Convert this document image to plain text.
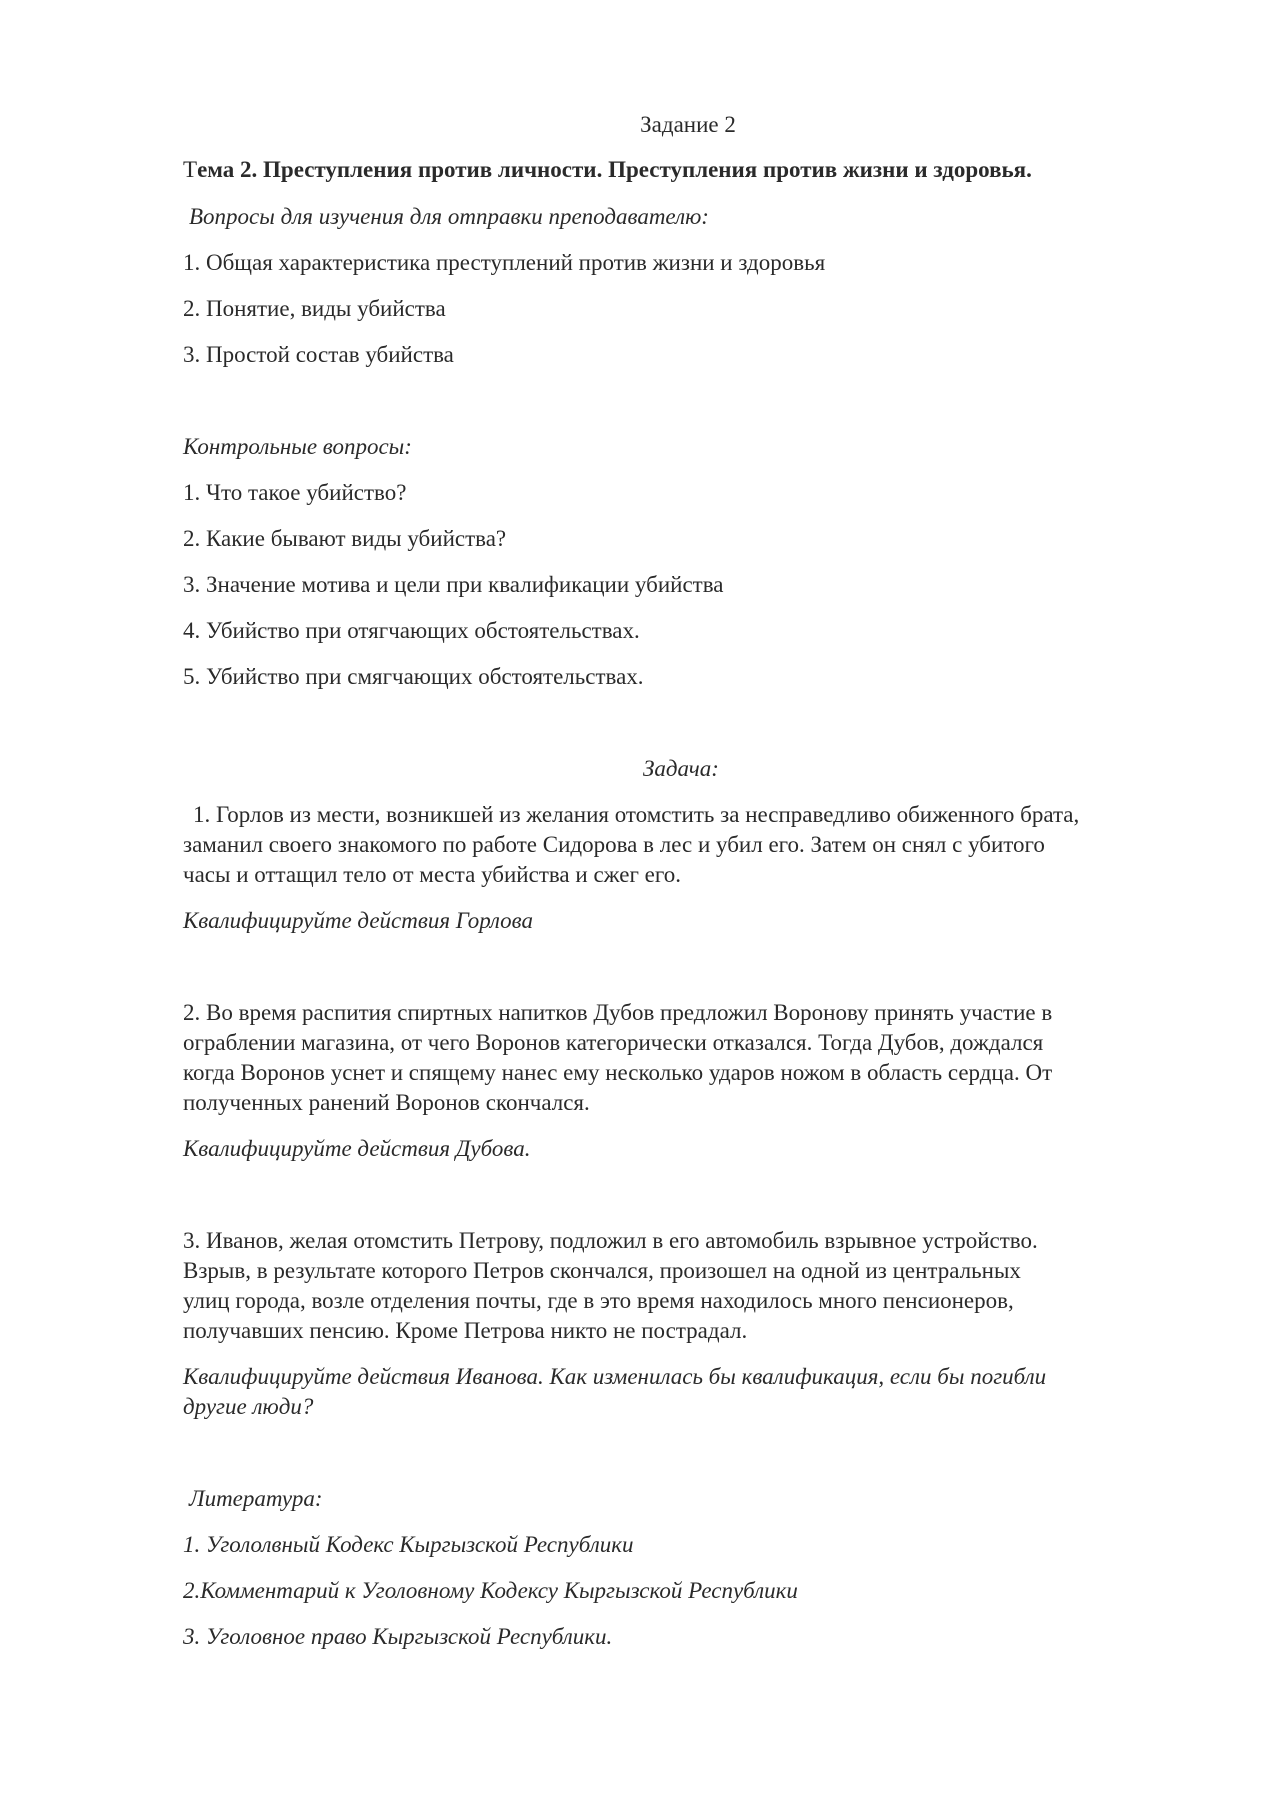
Задание 2

Тема 2. Преступления против личности. Преступления против жизни и здоровья.

Вопросы для изучения для отправки преподавателю:

1. Общая характеристика преступлений против жизни и здоровья

2. Понятие, виды убийства

3. Простой состав убийства

Контрольные вопросы:

1. Что такое убийство?

2. Какие бывают виды убийства?

3. Значение мотива и цели при квалификации убийства

4. Убийство при отягчающих обстоятельствах.

5. Убийство при смягчающих обстоятельствах.

Задача:

1. Горлов из мести, возникшей из желания отомстить за несправедливо обиженного брата,

заманил своего знакомого по работе Сидорова в лес и убил его. Затем он снял с убитого

часы и оттащил тело от места убийства и сжег его.

Квалифицируйте действия Горлова

2. Во время распития спиртных напитков Дубов предложил Воронову принять участие в

ограблении магазина, от чего Воронов категорически отказался. Тогда Дубов, дождался

когда Воронов уснет и спящему нанес ему несколько ударов ножом в область сердца. От

полученных ранений Воронов скончался.

Квалифицируйте действия Дубова.

3. Иванов, желая отомстить Петрову, подложил в его автомобиль взрывное устройство.

Взрыв, в результате которого Петров скончался, произошел на одной из центральных

улиц города, возле отделения почты, где в это время находилось много пенсионеров,

получавших пенсию. Кроме Петрова никто не пострадал.

Квалифицируйте действия Иванова. Как изменилась бы квалификация, если бы погибли

другие люди?

Литература:

1. Угололвный Кодекс Кыргызской Республики

2.Комментарий к Уголовному Кодексу Кыргызской Республики

3. Уголовное право Кыргызской Республики.
